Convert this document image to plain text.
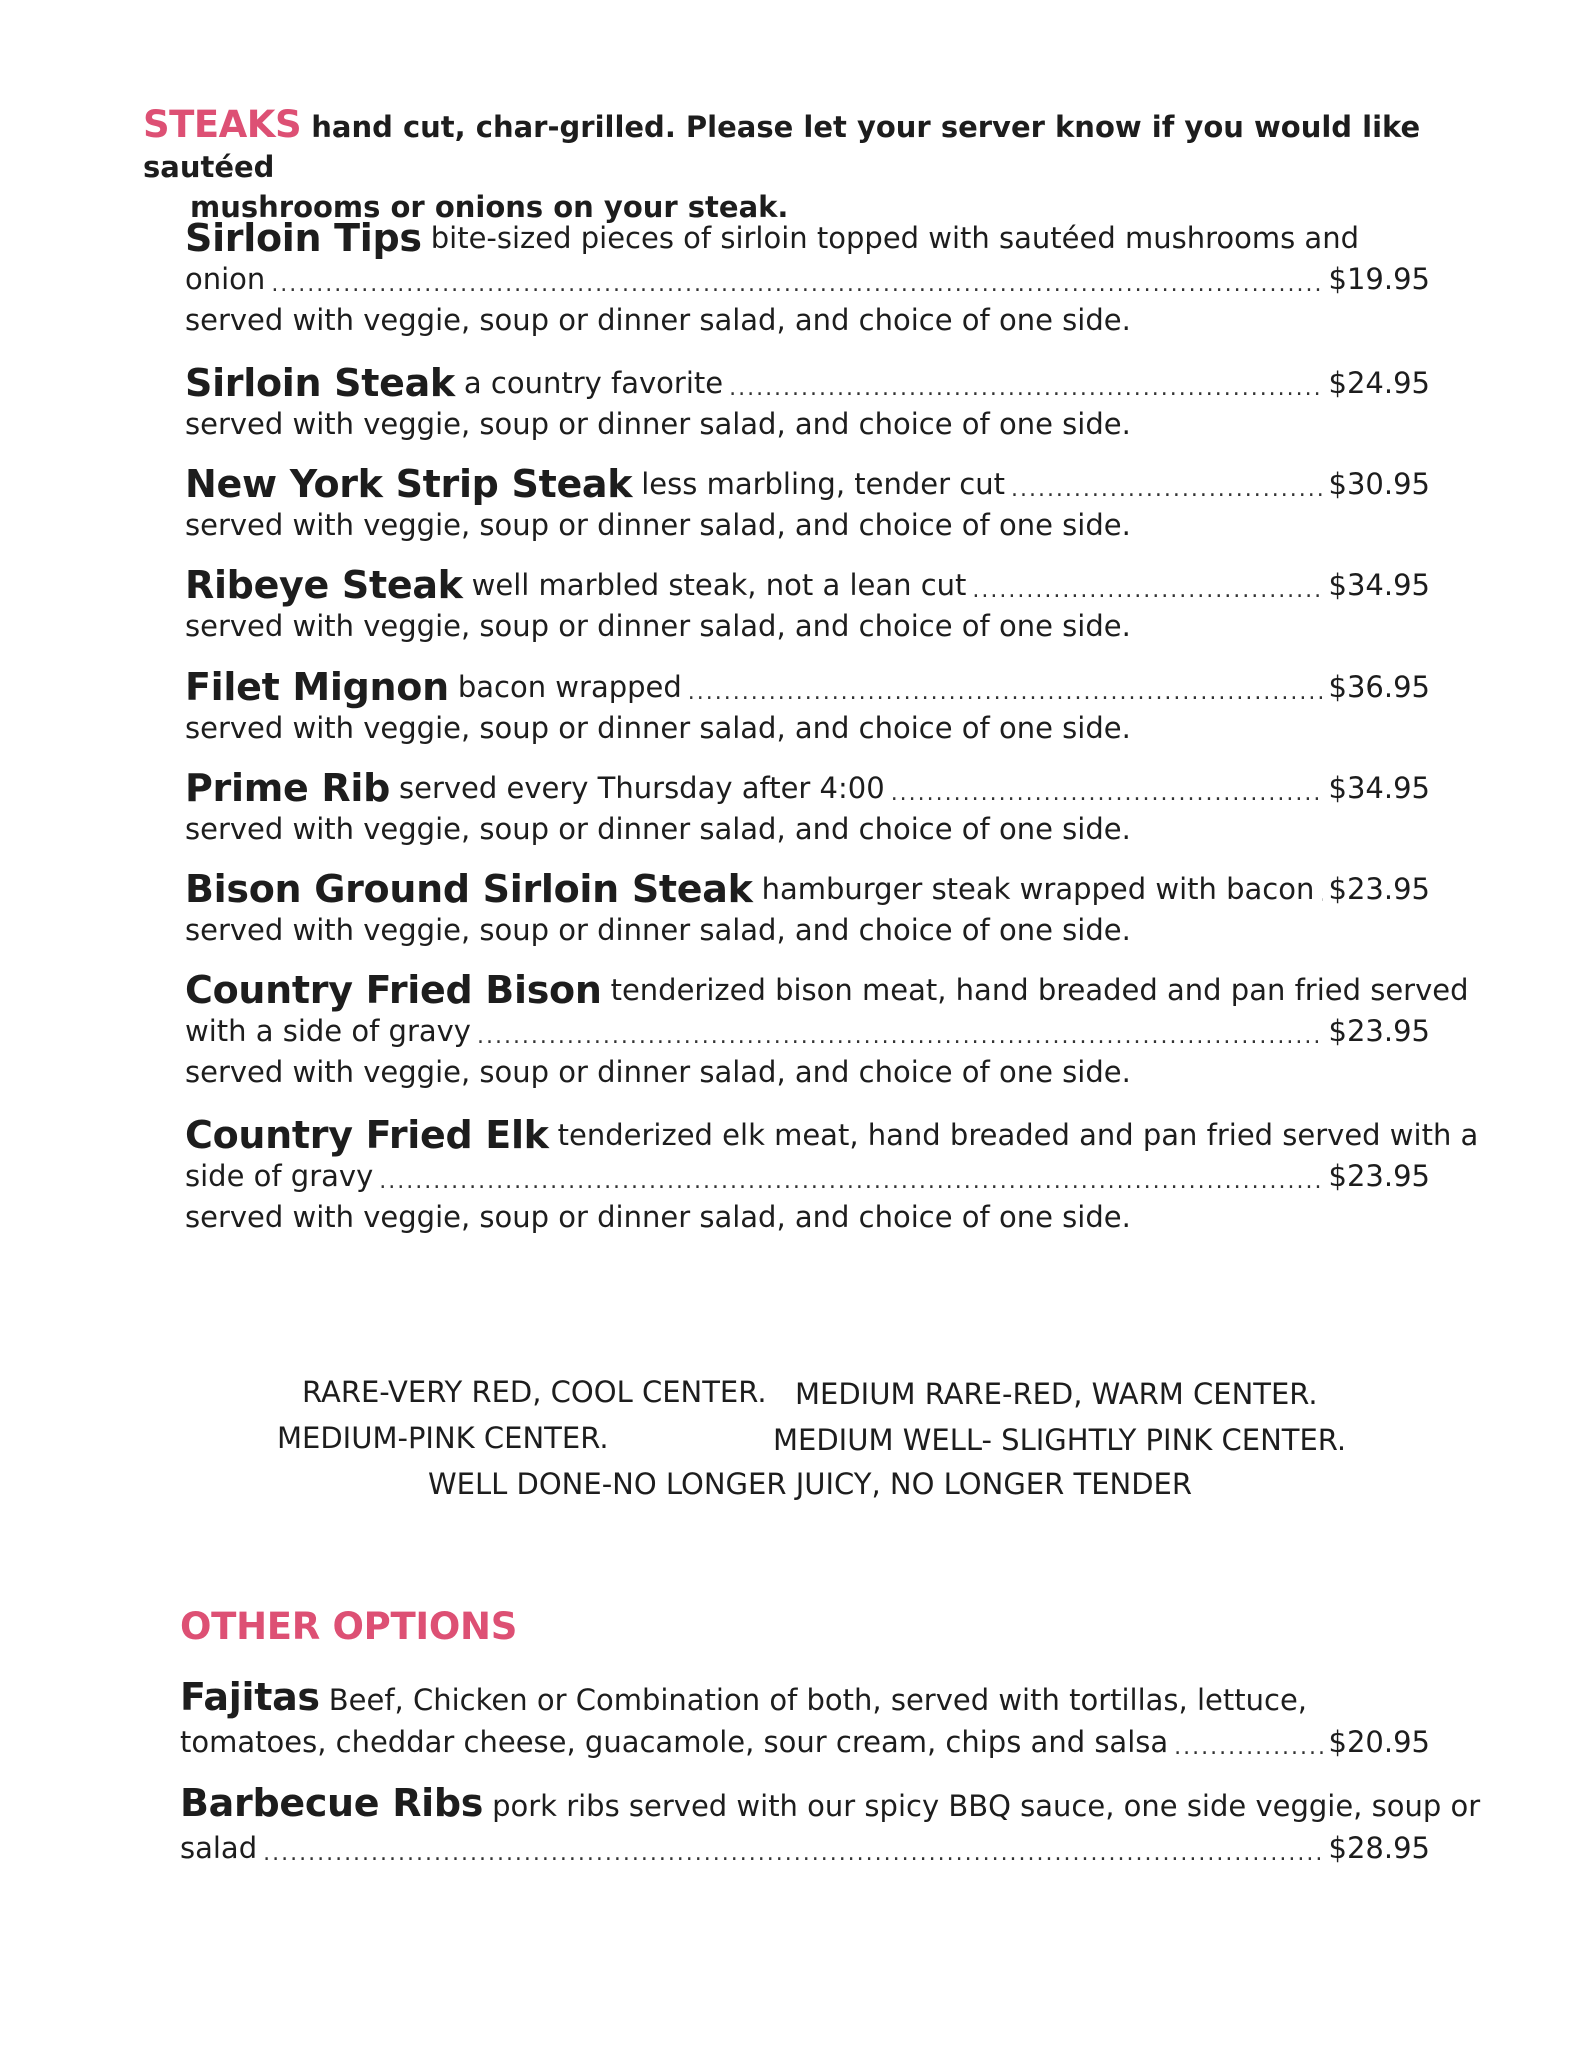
STEAKS hand cut, char-grilled. Please let your server know if you would like sautéed
mushrooms or onions on your steak.
Sirloin Tips bite-sized pieces of sirloin topped with sautéed mushrooms and
onion .....	$19.95
served with veggie, soup or dinner salad, and choice of one side.
Sirloin Steak a country favorite .....	$24.95
served with veggie, soup or dinner salad, and choice of one side.
New York Strip Steak less marbling, tender cut .....	$30.95
served with veggie, soup or dinner salad, and choice of one side.
Ribeye Steak well marbled steak, not a lean cut .....	$34.95
served with veggie, soup or dinner salad, and choice of one side.
Filet Mignon bacon wrapped .....	$36.95
served with veggie, soup or dinner salad, and choice of one side.
Prime Rib served every Thursday after 4:00 .....	$34.95
served with veggie, soup or dinner salad, and choice of one side.
Bison Ground Sirloin Steak hamburger steak wrapped with bacon ..... $23.95
served with veggie, soup or dinner salad, and choice of one side.
Country Fried Bison tenderized bison meat, hand breaded and pan fried served
with a side of gravy .....	$23.95
served with veggie, soup or dinner salad, and choice of one side.
Country Fried Elk tenderized elk meat, hand breaded and pan fried served with a
side of gravy .....	$23.95
served with veggie, soup or dinner salad, and choice of one side.
RARE-VERY RED, COOL CENTER. MEDIUM RARE-RED, WARM CENTER.
MEDIUM-PINK CENTER.	MEDIUM WELL- SLIGHTLY PINK CENTER.
WELL DONE-NO LONGER JUICY, NO LONGER TENDER
OTHER OPTIONS
Fajitas Beef, Chicken or Combination of both, served with tortillas, lettuce,
tomatoes, cheddar cheese, guacamole, sour cream, chips and salsa .....	$20.95
Barbecue Ribs pork ribs served with our spicy BBQ sauce, one side veggie, soup or
salad .....	$28.95
